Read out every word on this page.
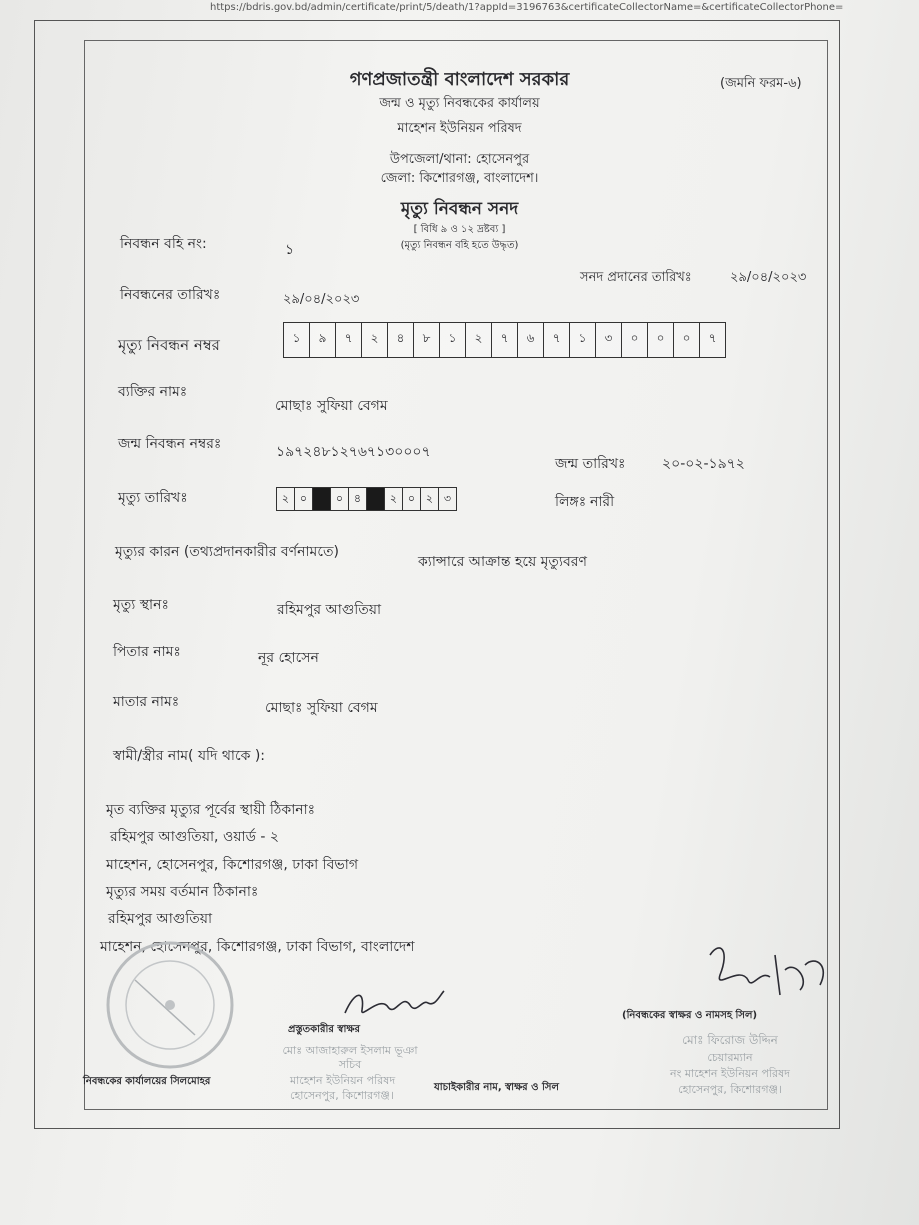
https://bdris.gov.bd/admin/certificate/print/5/death/1?appId=3196763&certificateCollectorName=&certificateCollectorPhone=
গণপ্রজাতন্ত্রী বাংলাদেশ সরকার	(জমনি ফরম-৬)
জন্ম ও মৃত্যু নিবন্ধকের কার্যালয়
মাহেশন ইউনিয়ন পরিষদ
উপজেলা/থানা: হোসেনপুর
জেলা: কিশোরগঞ্জ, বাংলাদেশ।
মৃত্যু নিবন্ধন সনদ
[ বিধি ৯ ও ১২ দ্রষ্টব্য ]
(মৃত্যু নিবন্ধন বহি হতে উদ্ধৃত)
নিবন্ধন বহি নং:	১
সনদ প্রদানের তারিখঃ	২৯/০৪/২০২৩
নিবন্ধনের তারিখঃ	২৯/০৪/২০২৩
মৃত্যু নিবন্ধন নম্বর	১	৯	৭	২	৪	৮	১	২	৭	৬	৭	১	৩	০	০	০	৭
ব্যক্তির নামঃ
মোছাঃ সুফিয়া বেগম
জন্ম নিবন্ধন নম্বরঃ	১৯৭২৪৮১২৭৬৭১৩০০০৭
জন্ম তারিখঃ	২০-০২-১৯৭২
মৃত্যু তারিখঃ	২ ০	০ ৪	২ ০ ২ ৩	লিঙ্গঃ নারী
মৃত্যুর কারন (তথ্যপ্রদানকারীর বর্ণনামতে)
ক্যান্সারে আক্রান্ত হয়ে মৃত্যুবরণ
মৃত্যু স্থানঃ	রহিমপুর আগুতিয়া
পিতার নামঃ	নূর হোসেন
মাতার নামঃ	মোছাঃ সুফিয়া বেগম
স্বামী/স্ত্রীর নাম( যদি থাকে ):
মৃত ব্যক্তির মৃত্যুর পূর্বের স্থায়ী ঠিকানাঃ
রহিমপুর আগুতিয়া, ওয়ার্ড - ২
মাহেশন, হোসেনপুর, কিশোরগঞ্জ, ঢাকা বিভাগ
মৃত্যুর সময় বর্তমান ঠিকানাঃ
রহিমপুর আগুতিয়া
মাহেশন, হোসেনপুর, কিশোরগঞ্জ, ঢাকা বিভাগ, বাংলাদেশ
প্রস্তুতকারীর স্বাক্ষর
মোঃ আজাহারুল ইসলাম ভূঞা
সচিব
মাহেশন ইউনিয়ন পরিষদ
হোসেনপুর, কিশোরগঞ্জ।
নিবন্ধকের কার্যালয়ের সিলমোহর
যাচাইকারীর নাম, স্বাক্ষর ও সিল
(নিবন্ধকের স্বাক্ষর ও নামসহ সিল)
মোঃ ফিরোজ উদ্দিন
চেয়ারম্যান
নং মাহেশন ইউনিয়ন পরিষদ
হোসেনপুর, কিশোরগঞ্জ।
